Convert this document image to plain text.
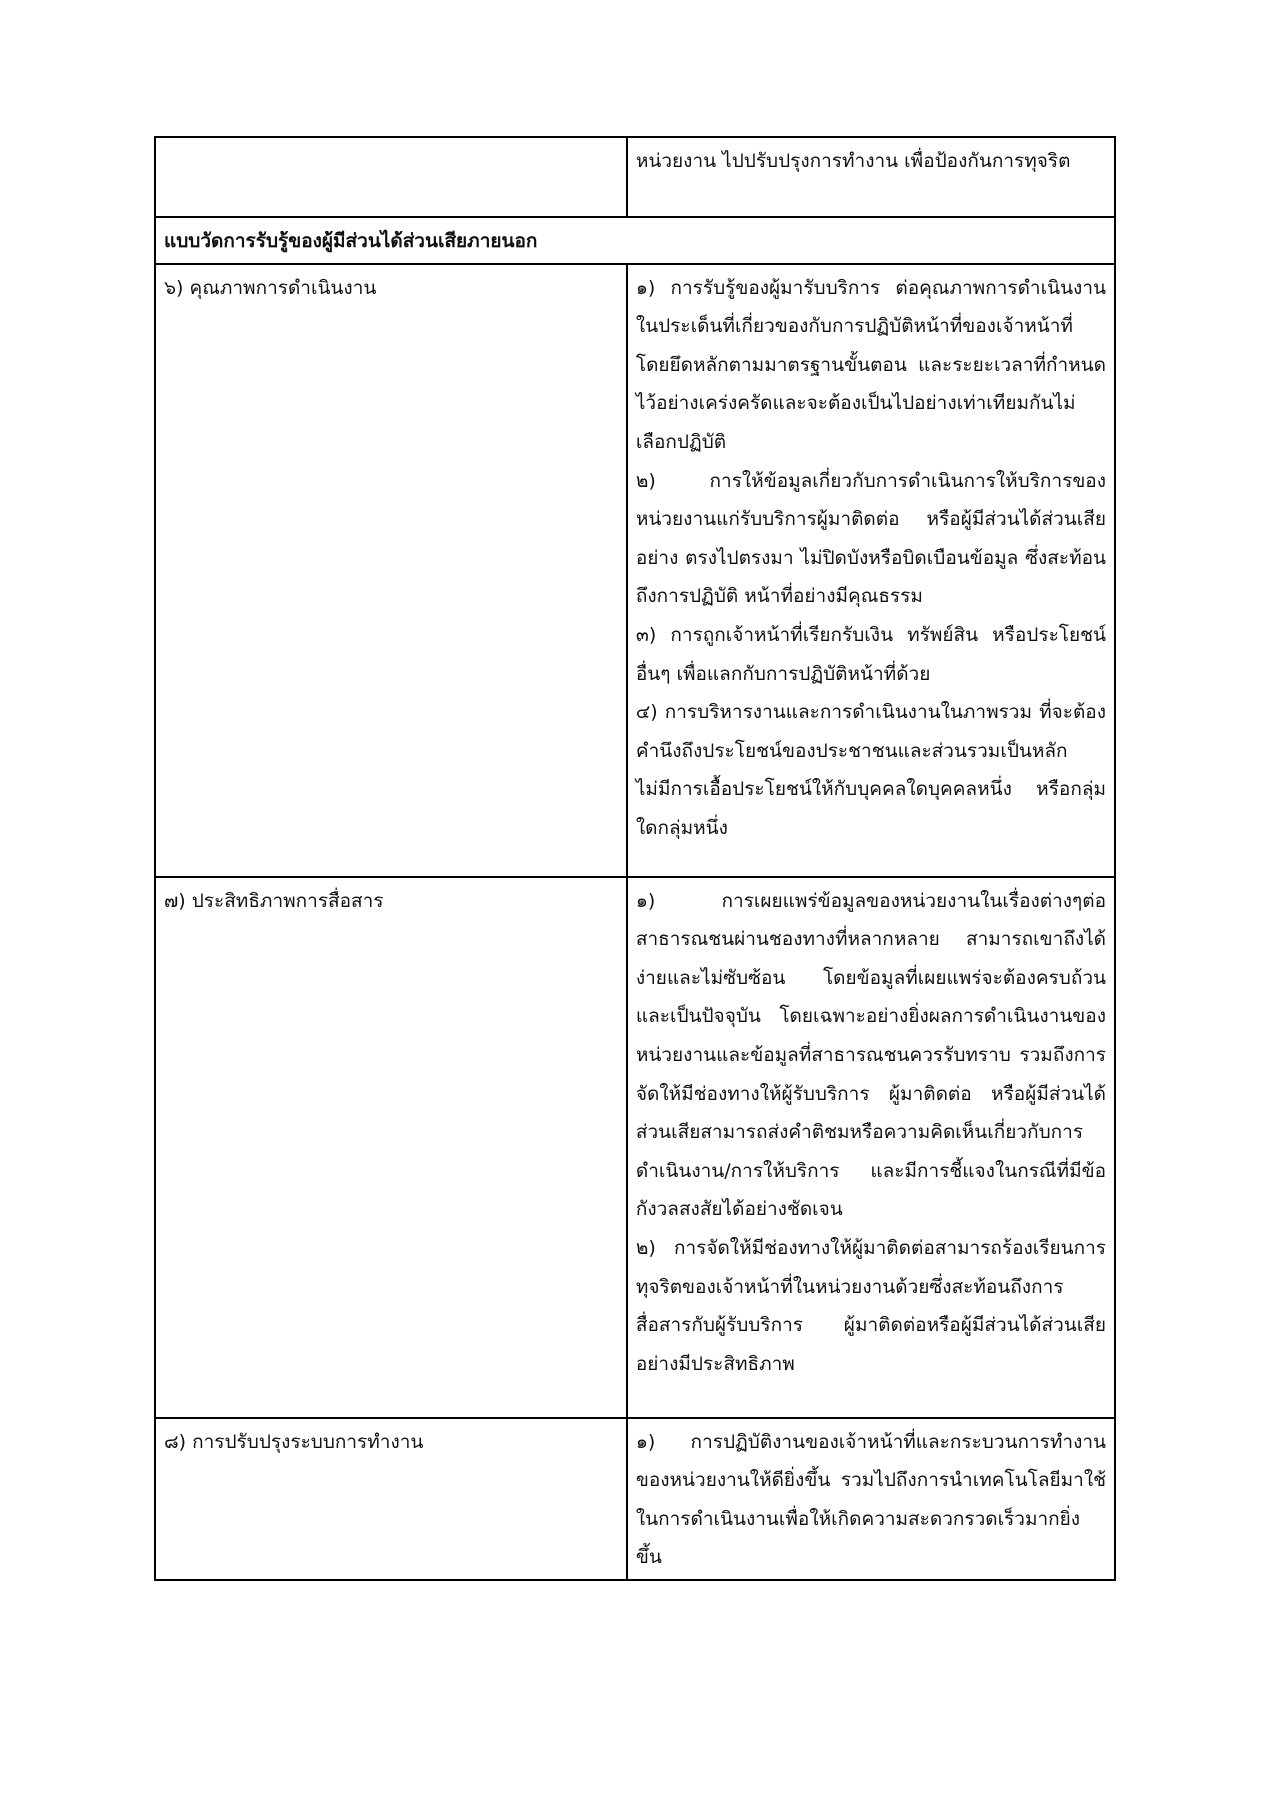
	หน่วยงาน ไปปรับปรุงการทำงาน เพื่อป้องกันการทุจริต
แบบวัดการรับรู้ของผู้มีส่วนได้ส่วนเสียภายนอก	
๖) คุณภาพการดำเนินงาน	๑) การรับรู้ของผู้มารับบริการ ต่อคุณภาพการดำเนินงาน ในประเด็นที่เกี่ยวของกับการปฏิบัติหน้าที่ของเจ้าหน้าที่ โดยยึดหลักตามมาตรฐานขั้นตอน และระยะเวลาที่กำหนดไว้อย่างเคร่งครัดและจะต้องเป็นไปอย่างเท่าเทียมกันไม่เลือกปฏิบัติ
๒) การให้ข้อมูลเกี่ยวกับการดำเนินการให้บริการของ หน่วยงานแก่รับบริการผู้มาติดต่อ หรือผู้มีส่วนได้ส่วนเสียอย่าง ตรงไปตรงมา ไม่ปิดบังหรือบิดเบือนข้อมูล ซึ่งสะท้อนถึงการปฏิบัติ หน้าที่อย่างมีคุณธรรม
๓) การถูกเจ้าหน้าที่เรียกรับเงิน ทรัพย์สิน หรือประโยชน์อื่นๆ เพื่อแลกกับการปฏิบัติหน้าที่ด้วย
๔) การบริหารงานและการดำเนินงานในภาพรวม ที่จะต้องคำนึงถึงประโยชน์ของประชาชนและส่วนรวมเป็นหลัก ไม่มีการเอื้อประโยชน์ให้กับบุคคลใดบุคคลหนึ่ง หรือกลุ่มใดกลุ่มหนึ่ง

๗) ประสิทธิภาพการสื่อสาร	๑) การเผยแพร่ข้อมูลของหน่วยงานในเรื่องต่างๆต่อสาธารณชนผ่านชองทางที่หลากหลาย สามารถเขาถึงได้ง่ายและไม่ซับซ้อน โดยข้อมูลที่เผยแพร่จะต้องครบถ้วนและเป็นปัจจุบัน โดยเฉพาะอย่างยิ่งผลการดำเนินงานของหน่วยงานและข้อมูลที่สาธารณชนควรรับทราบ รวมถึงการจัดให้มีช่องทางให้ผู้รับบริการ ผู้มาติดต่อ หรือผู้มีส่วนได้ส่วนเสียสามารถส่งคำติชมหรือความคิดเห็นเกี่ยวกับการดำเนินงาน/การให้บริการ และมีการชี้แจงในกรณีที่มีข้อกังวลสงสัยได้อย่างชัดเจน
๒) การจัดให้มีช่องทางให้ผู้มาติดต่อสามารถร้องเรียนการทุจริตของเจ้าหน้าที่ในหน่วยงานด้วยซึ่งสะท้อนถึงการสื่อสารกับผู้รับบริการ ผู้มาติดต่อหรือผู้มีส่วนได้ส่วนเสียอย่างมีประสิทธิภาพ

๘) การปรับปรุงระบบการทำงาน	๑) การปฏิบัติงานของเจ้าหน้าที่และกระบวนการทำงานของหน่วยงานให้ดียิ่งขึ้น รวมไปถึงการนำเทคโนโลยีมาใช้ในการดำเนินงานเพื่อให้เกิดความสะดวกรวดเร็วมากยิ่งขึ้น
